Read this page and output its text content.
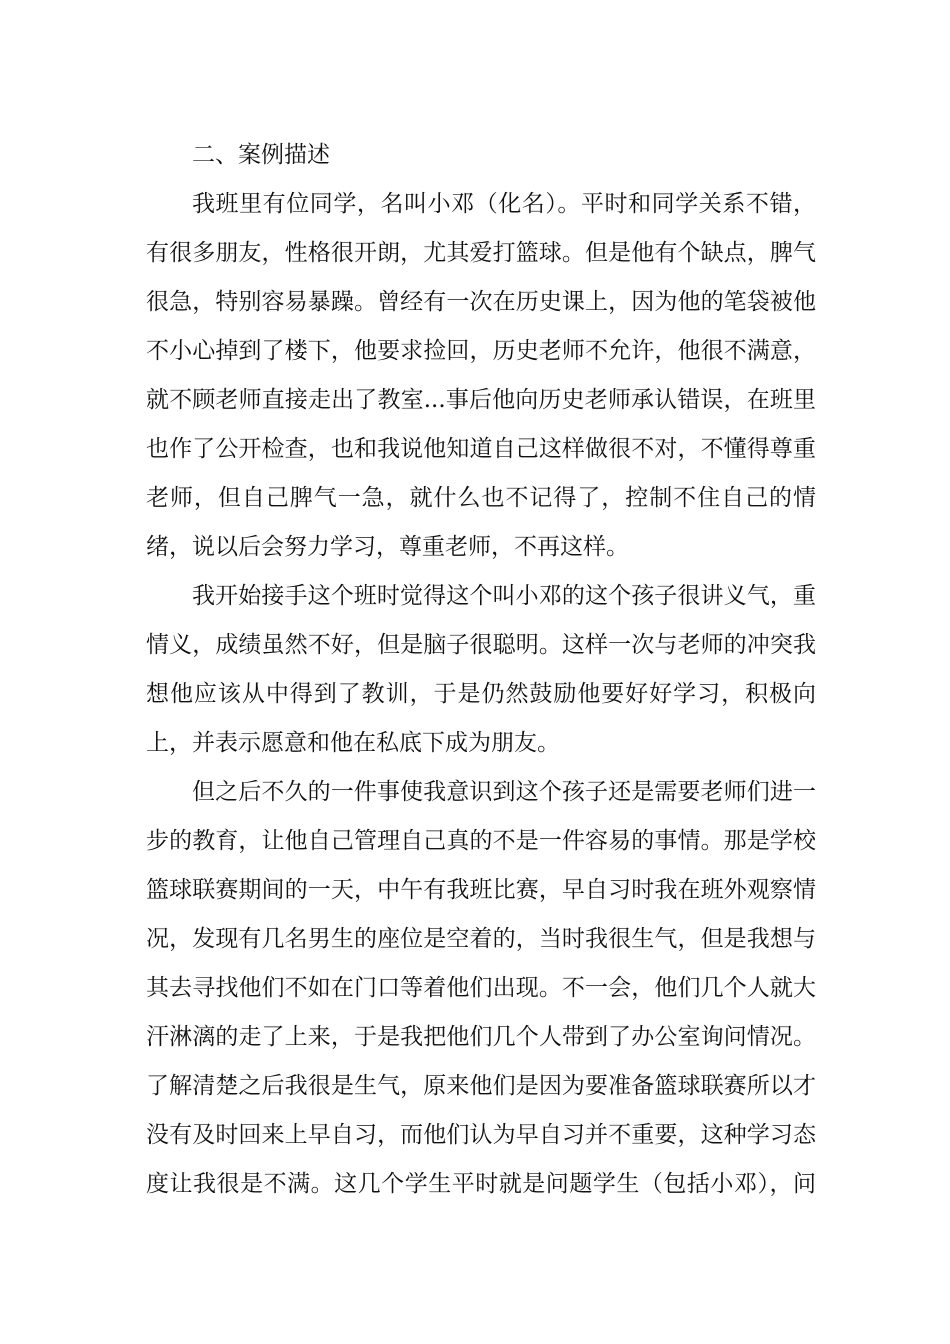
二、案例描述
我班里有位同学，名叫小邓（化名）。平时和同学关系不错，
有很多朋友，性格很开朗，尤其爱打篮球。但是他有个缺点，脾气
很急，特别容易暴躁。曾经有一次在历史课上，因为他的笔袋被他
不小心掉到了楼下，他要求捡回，历史老师不允许，他很不满意，
就不顾老师直接走出了教室...事后他向历史老师承认错误，在班里
也作了公开检查，也和我说他知道自己这样做很不对，不懂得尊重
老师，但自己脾气一急，就什么也不记得了，控制不住自己的情
绪，说以后会努力学习，尊重老师，不再这样。
我开始接手这个班时觉得这个叫小邓的这个孩子很讲义气，重
情义，成绩虽然不好，但是脑子很聪明。这样一次与老师的冲突我
想他应该从中得到了教训，于是仍然鼓励他要好好学习，积极向
上，并表示愿意和他在私底下成为朋友。
但之后不久的一件事使我意识到这个孩子还是需要老师们进一
步的教育，让他自己管理自己真的不是一件容易的事情。那是学校
篮球联赛期间的一天，中午有我班比赛，早自习时我在班外观察情
况，发现有几名男生的座位是空着的，当时我很生气，但是我想与
其去寻找他们不如在门口等着他们出现。不一会，他们几个人就大
汗淋漓的走了上来，于是我把他们几个人带到了办公室询问情况。
了解清楚之后我很是生气，原来他们是因为要准备篮球联赛所以才
没有及时回来上早自习，而他们认为早自习并不重要，这种学习态
度让我很是不满。这几个学生平时就是问题学生（包括小邓），问
